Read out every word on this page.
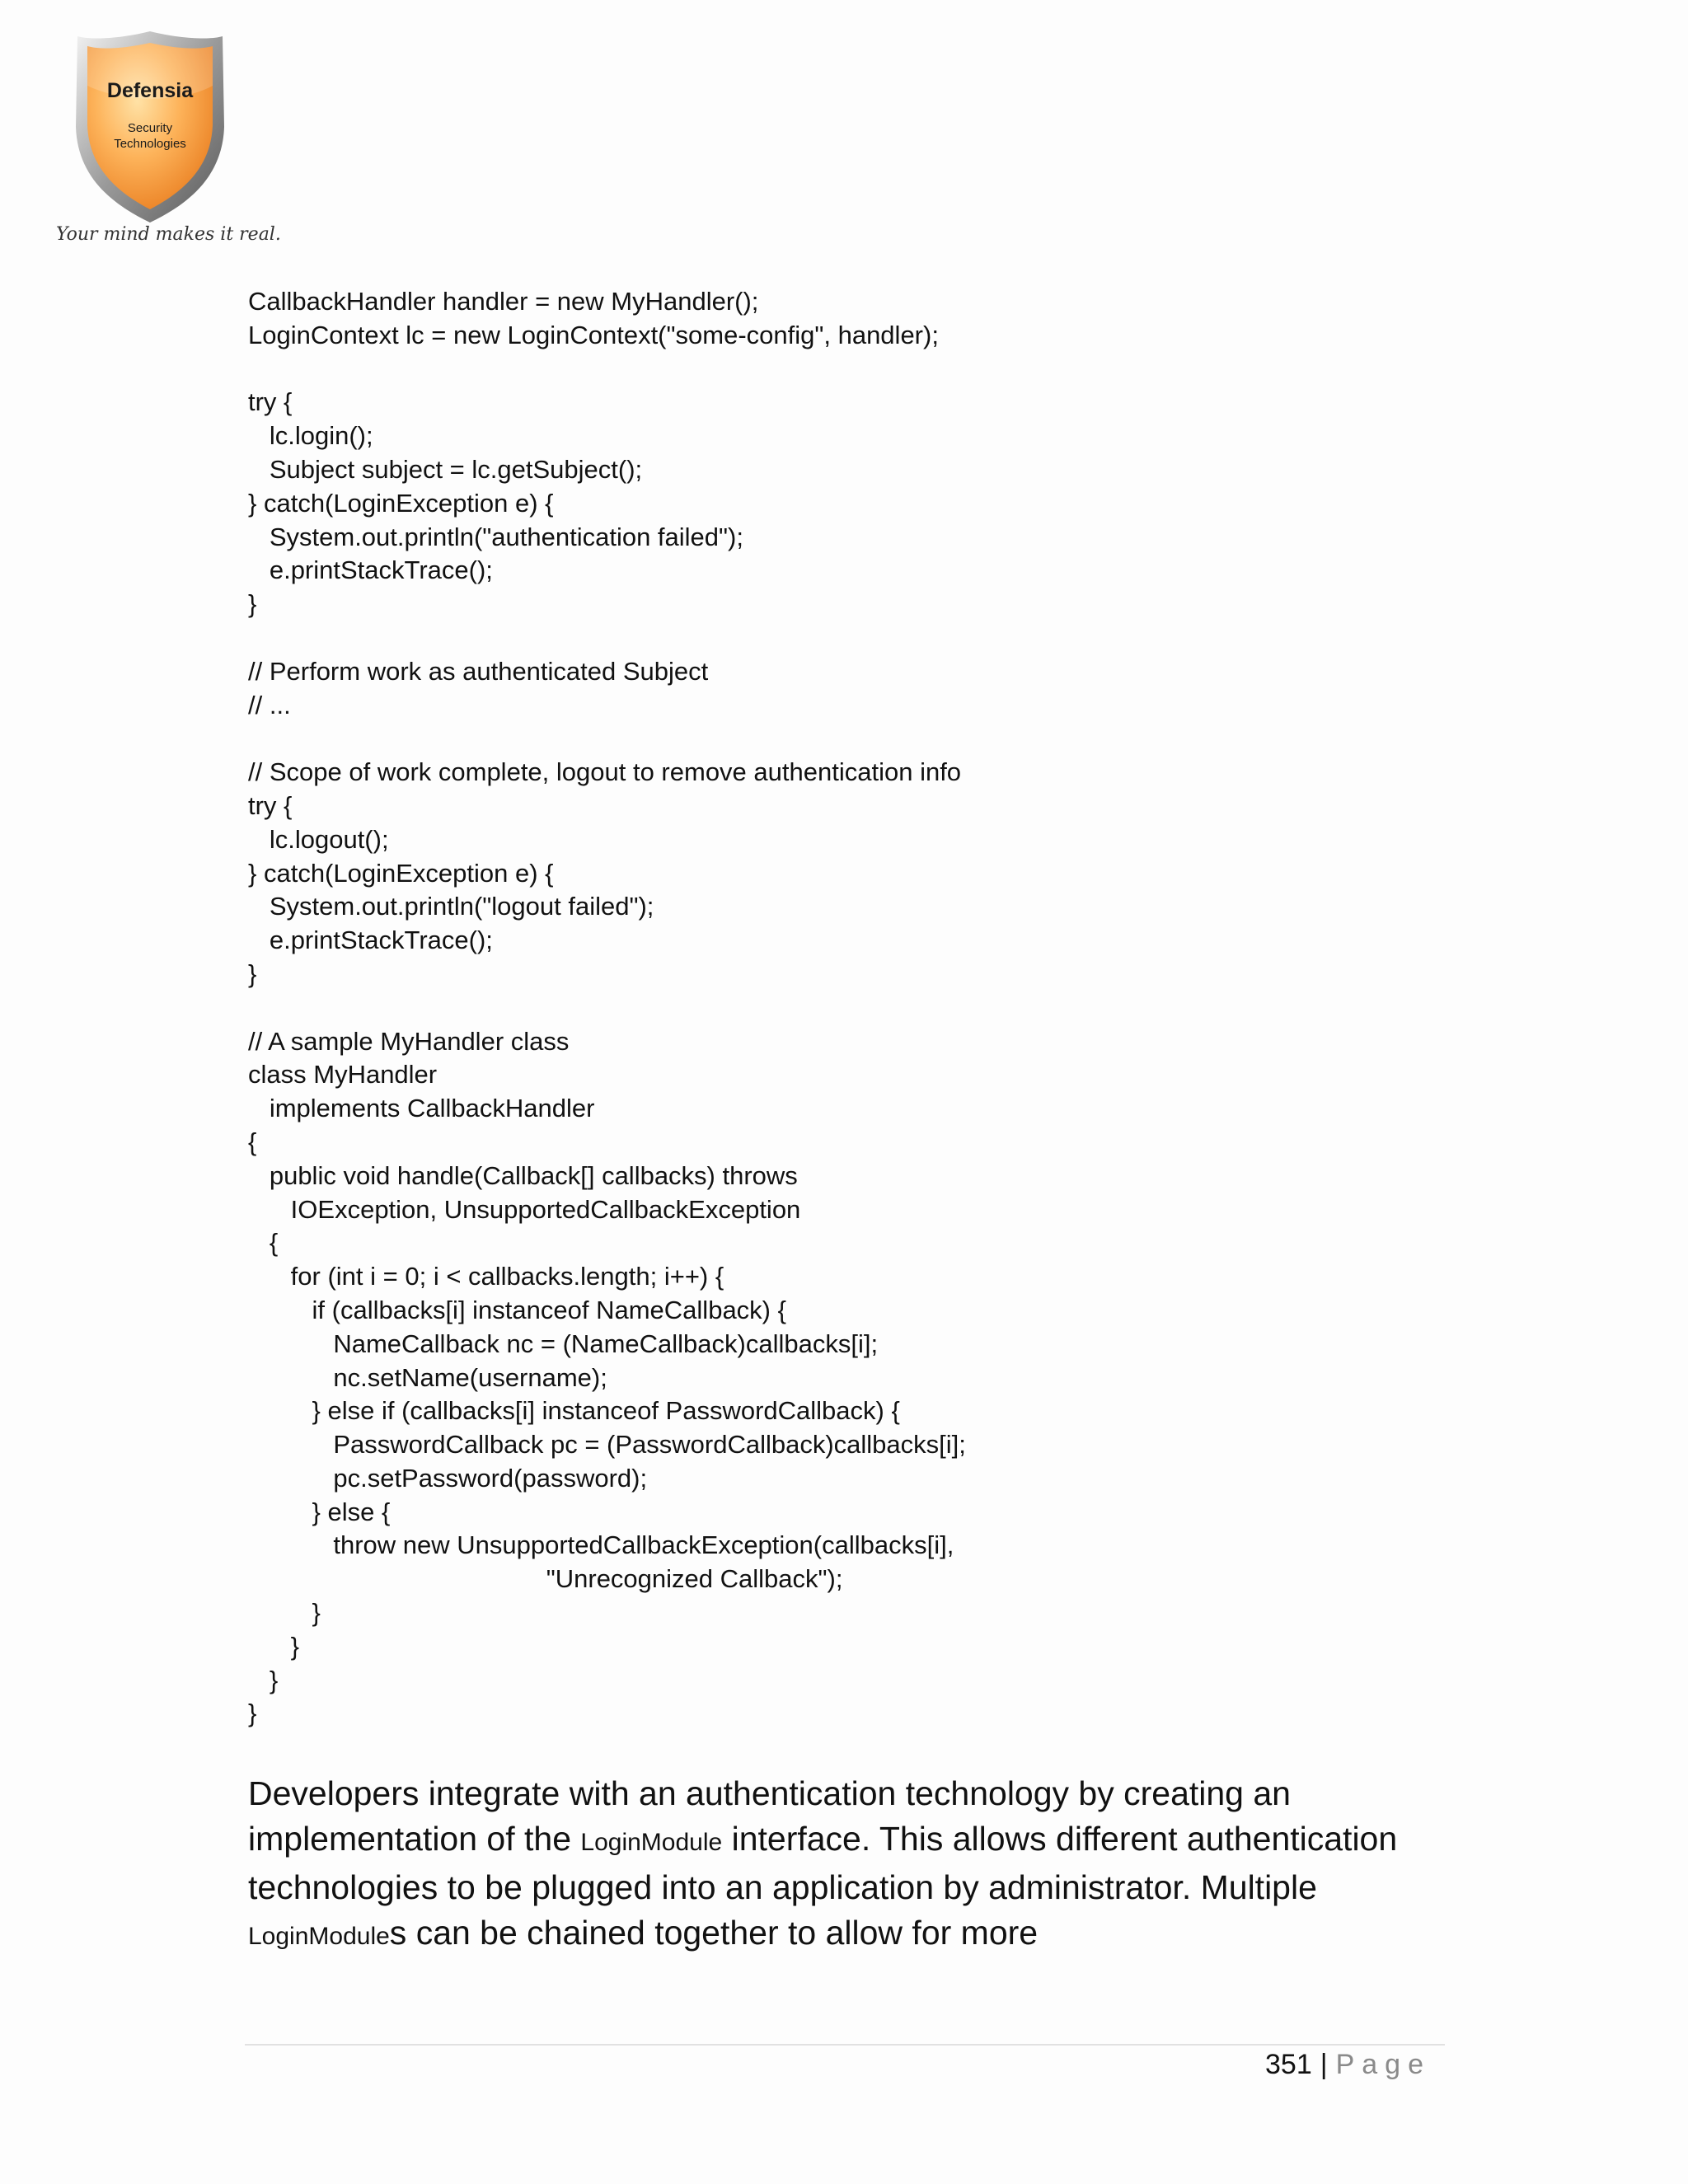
Defensia
Security
Technologies
Your mind makes it real.
CallbackHandler handler = new MyHandler();
LoginContext lc = new LoginContext("some-config", handler);
try {
lc.login();
Subject subject = lc.getSubject();
} catch(LoginException e) {
System.out.println("authentication failed");
e.printStackTrace();
}
// Perform work as authenticated Subject
// ...
// Scope of work complete, logout to remove authentication info
try {
lc.logout();
} catch(LoginException e) {
System.out.println("logout failed");
e.printStackTrace();
}
// A sample MyHandler class
class MyHandler
implements CallbackHandler
{
public void handle(Callback[] callbacks) throws
IOException, UnsupportedCallbackException
{
for (int i = 0; i < callbacks.length; i++) {
if (callbacks[i] instanceof NameCallback) {
NameCallback nc = (NameCallback)callbacks[i];
nc.setName(username);
} else if (callbacks[i] instanceof PasswordCallback) {
PasswordCallback pc = (PasswordCallback)callbacks[i];
pc.setPassword(password);
} else {
throw new UnsupportedCallbackException(callbacks[i],
"Unrecognized Callback");
}
}
}
}
Developers integrate with an authentication technology by creating an implementation of the LoginModule interface. This allows different authentication technologies to be plugged into an application by administrator. Multiple LoginModules can be chained together to allow for more
351 | Page
